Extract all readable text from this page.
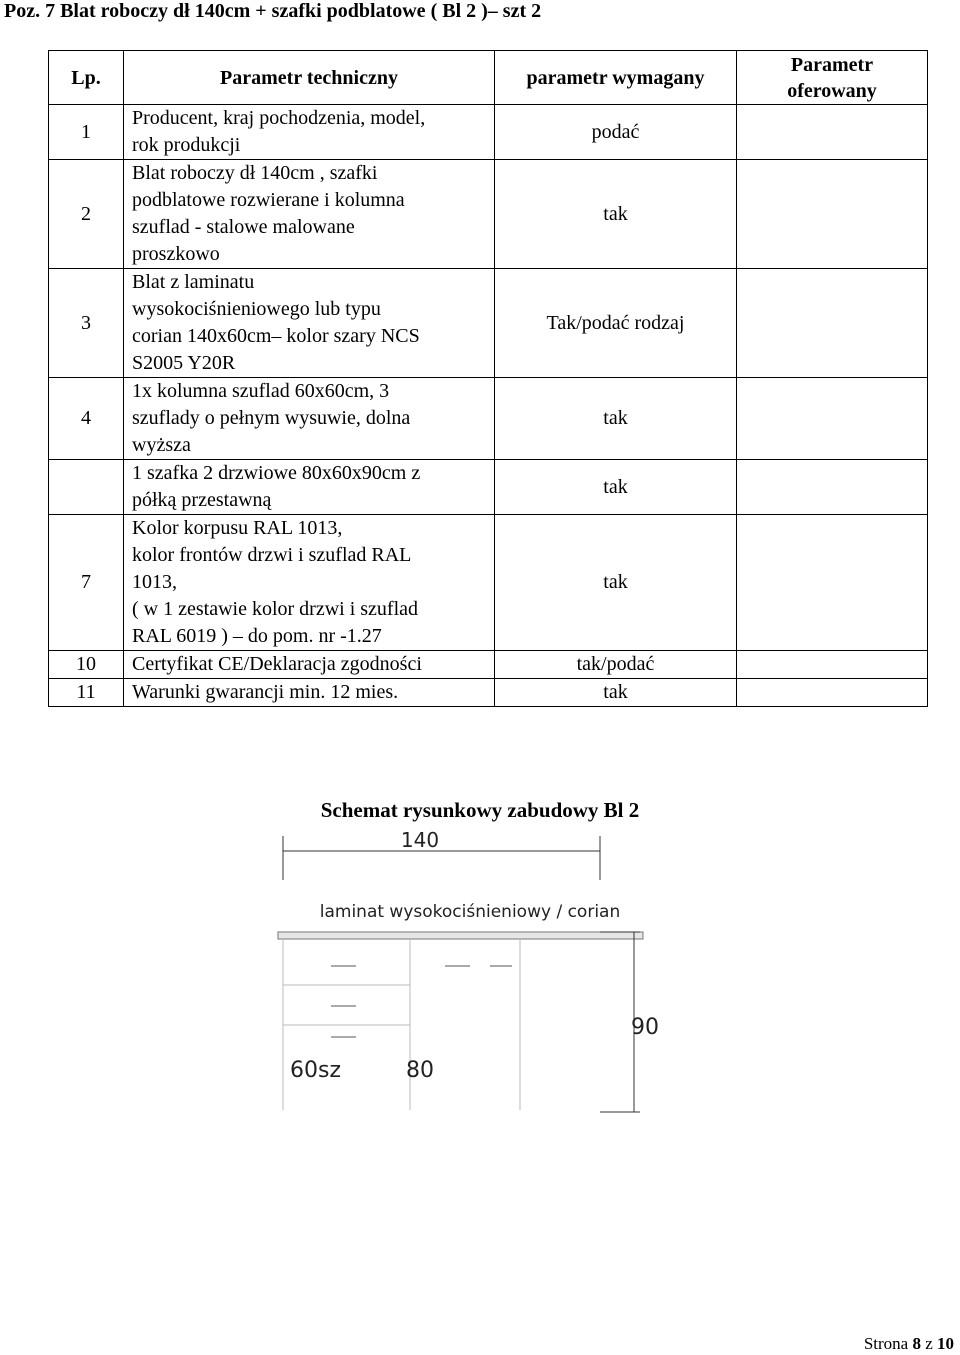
Poz. 7 Blat roboczy dł 140cm + szafki podblatowe ( Bl 2 )– szt 2
Lp.	Parametr techniczny	parametr wymagany	Parametr
oferowany

1	Producent, kraj pochodzenia, model,
rok produkcji	podać	
2	Blat roboczy dł 140cm , szafki
podblatowe rozwierane i kolumna
szuflad - stalowe malowane
proszkowo	tak	
3	Blat z laminatu
wysokociśnieniowego lub typu
corian 140x60cm– kolor szary NCS
S2005 Y20R	Tak/podać rodzaj	
4	1x kolumna szuflad 60x60cm, 3
szuflady o pełnym wysuwie, dolna
wyższa	tak	

	1 szafka 2 drzwiowe 80x60x90cm z
półką przestawną	tak	
7	Kolor korpusu RAL 1013,
kolor frontów drzwi i szuflad RAL
1013,
( w 1 zestawie kolor drzwi i szuflad
RAL 6019 ) – do pom. nr -1.27	tak	
10	Certyfikat CE/Deklaracja zgodności	tak/podać	
11	Warunki gwarancji min. 12 mies.	tak	
Schemat rysunkowy zabudowy Bl 2
140
laminat wysokociśnieniowy / corian
90
60sz	80
Strona 8 z 10
